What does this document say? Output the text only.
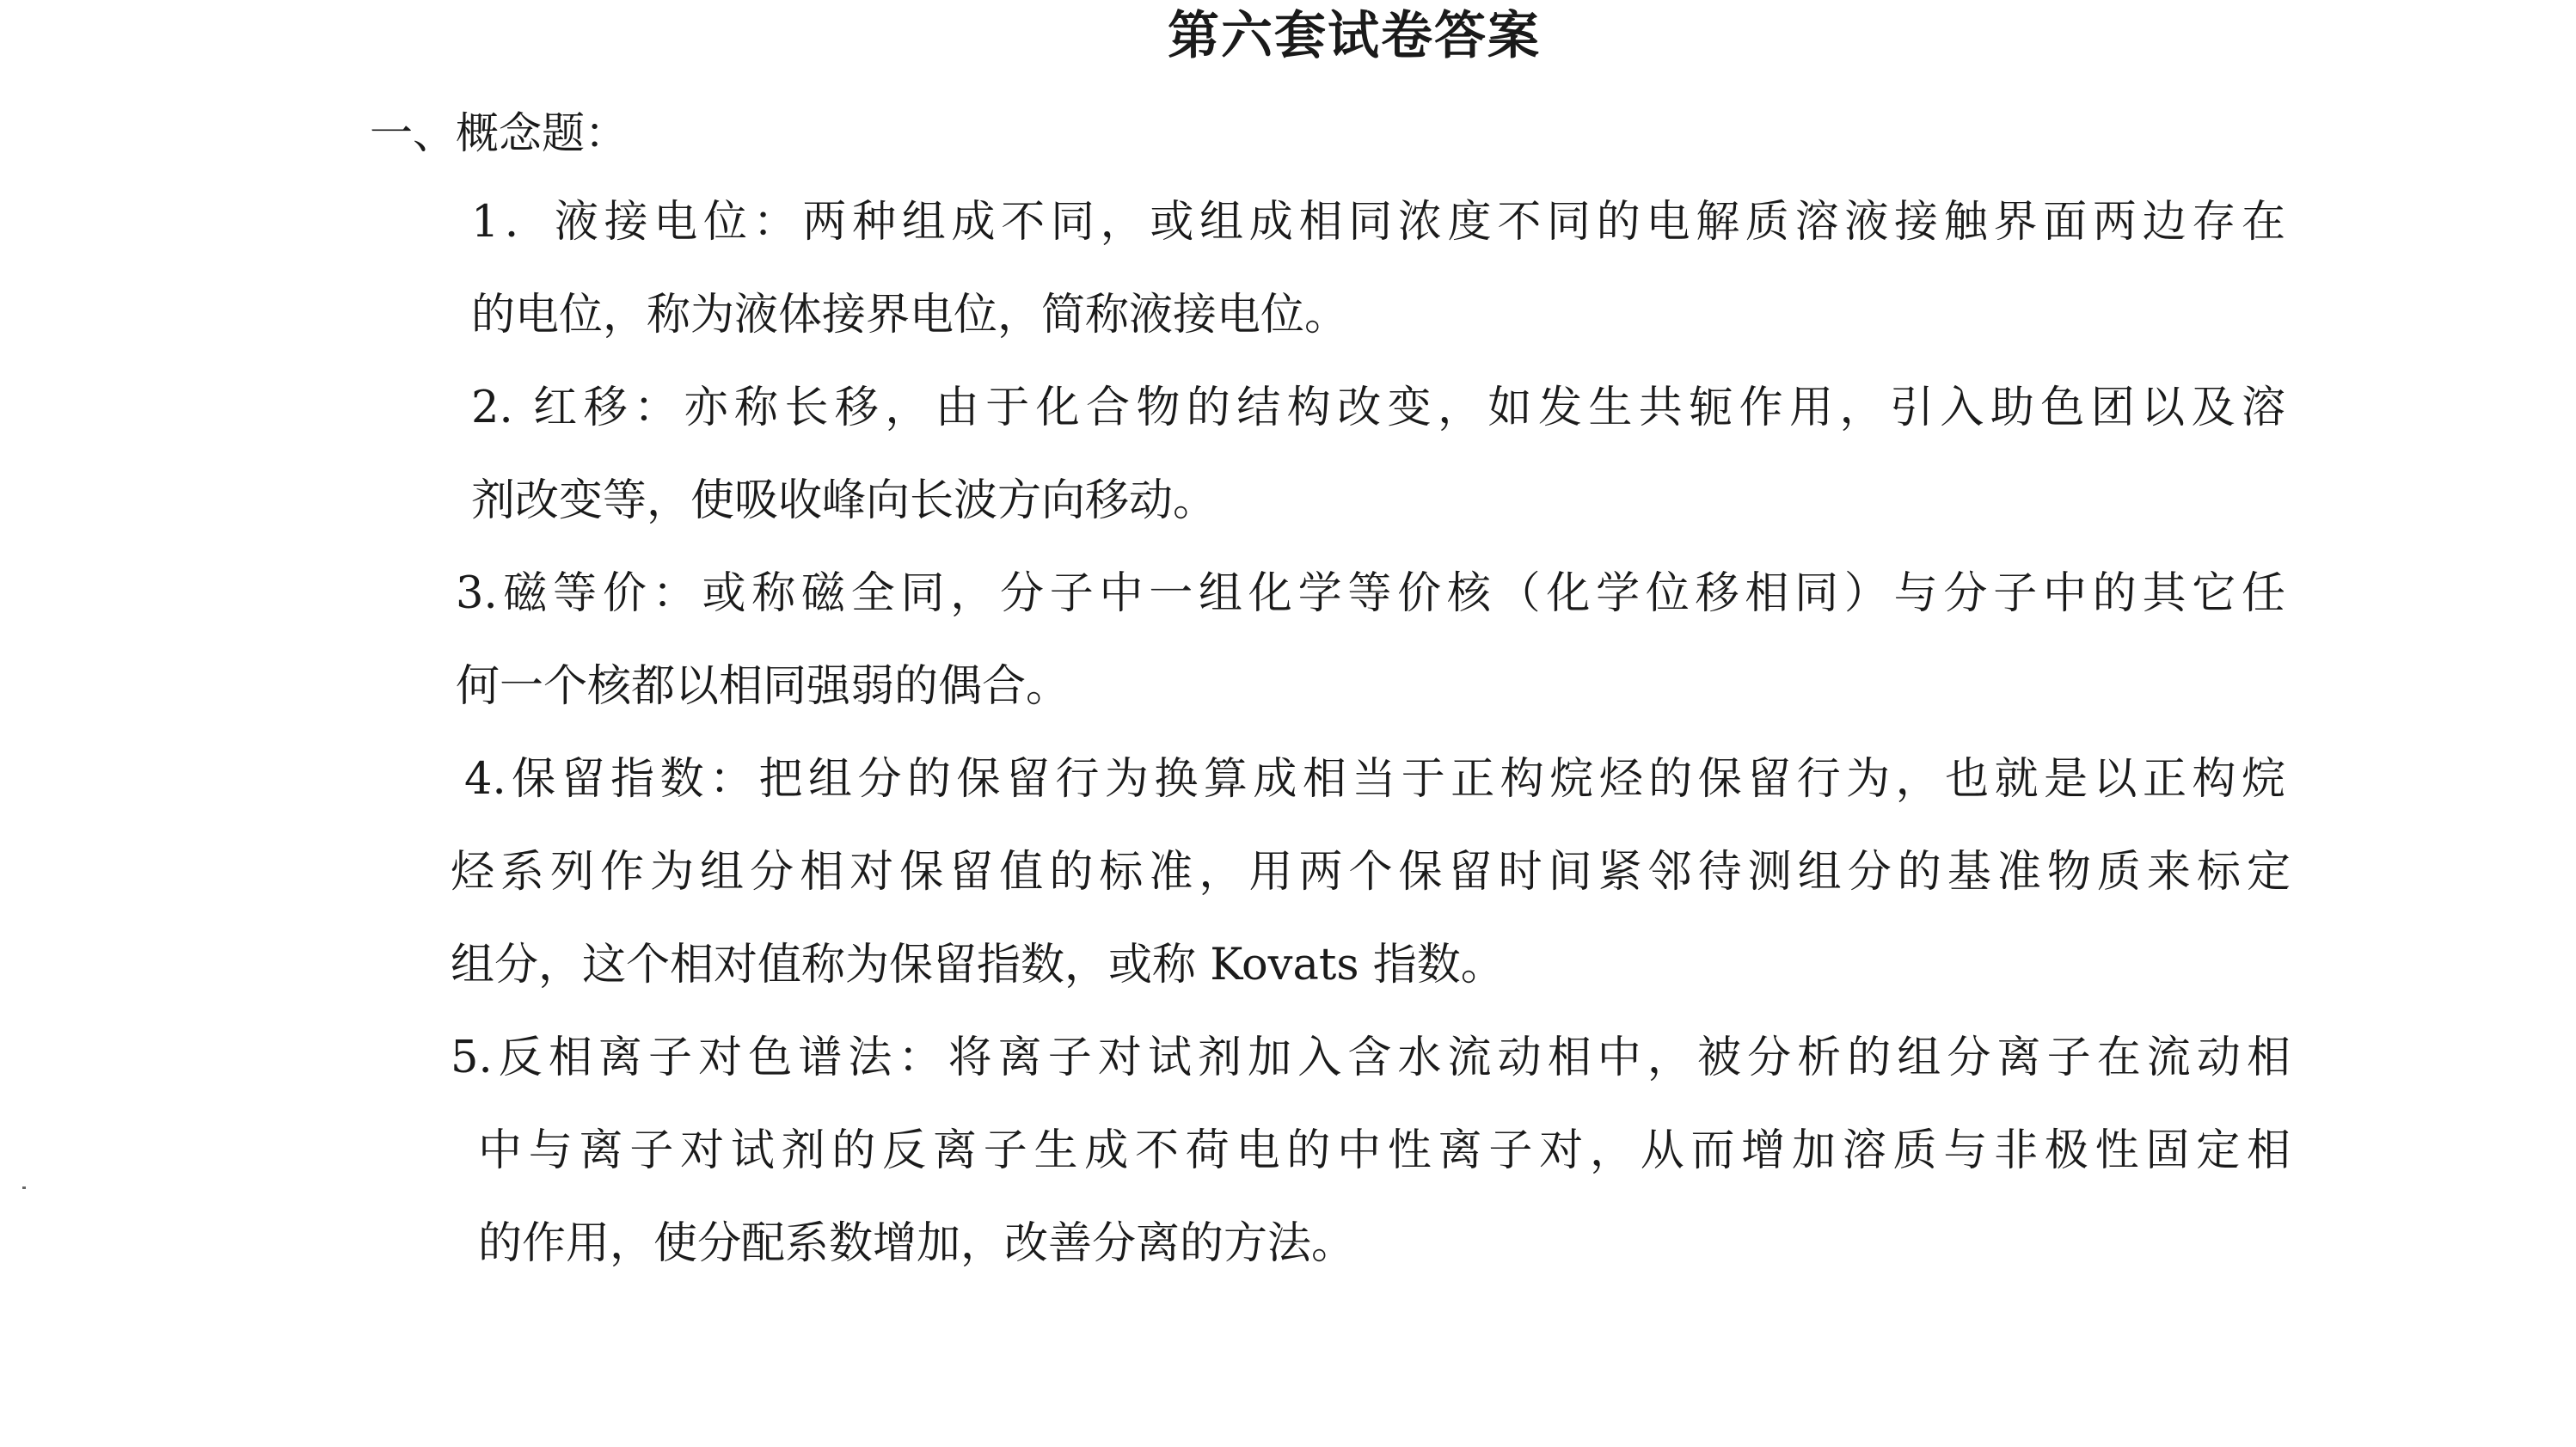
第六套试卷答案
一、概念题：
1．液接电位：两种组成不同，或组成相同浓度不同的电解质溶液接触界面两边存在
的电位，称为液体接界电位，简称液接电位。
2. 红移：亦称长移，由于化合物的结构改变，如发生共轭作用，引入助色团以及溶
剂改变等，使吸收峰向长波方向移动。
3.磁等价：或称磁全同，分子中一组化学等价核（化学位移相同）与分子中的其它任
何一个核都以相同强弱的偶合。
4.保留指数：把组分的保留行为换算成相当于正构烷烃的保留行为，也就是以正构烷
烃系列作为组分相对保留值的标准，用两个保留时间紧邻待测组分的基准物质来标定
组分，这个相对值称为保留指数，或称 Kovats 指数。
5.反相离子对色谱法：将离子对试剂加入含水流动相中，被分析的组分离子在流动相
中与离子对试剂的反离子生成不荷电的中性离子对，从而增加溶质与非极性固定相
的作用，使分配系数增加，改善分离的方法。
